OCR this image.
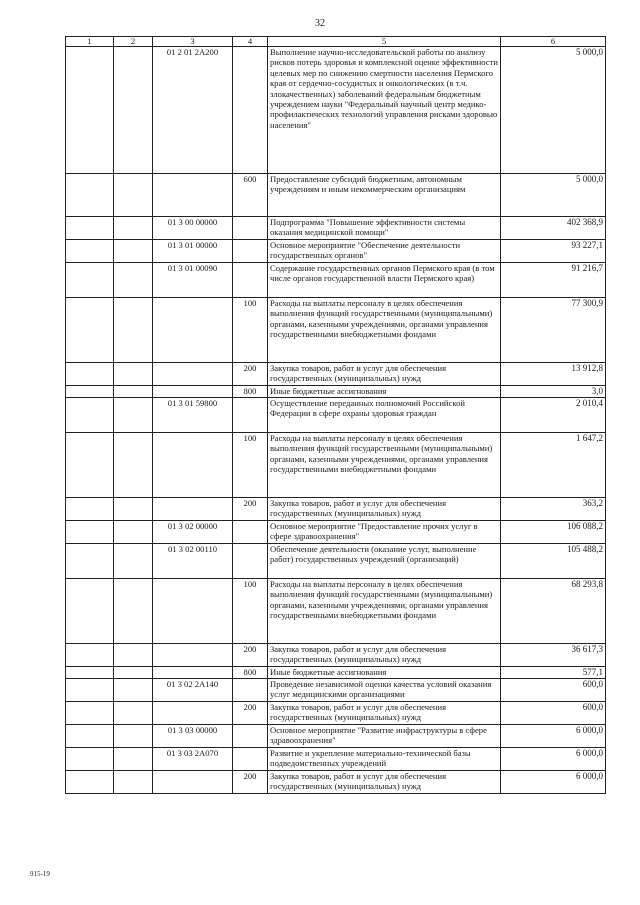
32
1	2	3	4	5	6
		01 2 01 2А200		Выполнение научно-исследовательской работы по анализу рисков потерь здоровья и комплексной оценке эффективности целевых мер по снижению смертности населения Пермского края от сердечно-сосудистых и онкологических (в т.ч. злокачественных) заболеваний федеральным бюджетным учреждением науки "Федеральный научный центр медико-профилактических технологий управления рисками здоровью населения"	5 000,0
			600	Предоставление субсидий бюджетным, автономным учреждениям и иным некоммерческим организациям	5 000,0
		01 3 00 00000		Подпрограмма "Повышение эффективности системы оказания медицинской помощи"	402 368,9
		01 3 01 00000		Основное мероприятие "Обеспечение деятельности государственных органов"	93 227,1
		01 3 01 00090		Содержание государственных органов Пермского края (в том числе органов государственной власти Пермского края)	91 216,7
			100	Расходы на выплаты персоналу в целях обеспечения выполнения функций государственными (муниципальными) органами, казенными учреждениями, органами управления государственными внебюджетными фондами	77 300,9
			200	Закупка товаров, работ и услуг для обеспечения государственных (муниципальных) нужд	13 912,8
			800	Иные бюджетные ассигнования	3,0
		01 3 01 59800		Осуществление переданных полномочий Российской Федерации в сфере охраны здоровья граждан	2 010,4
			100	Расходы на выплаты персоналу в целях обеспечения выполнения функций государственными (муниципальными) органами, казенными учреждениями, органами управления государственными внебюджетными фондами	1 647,2
			200	Закупка товаров, работ и услуг для обеспечения государственных (муниципальных) нужд	363,2
		01 3 02 00000		Основное мероприятие "Предоставление прочих услуг в сфере здравоохранения"	106 088,2
		01 3 02 00110		Обеспечение деятельности (оказание услуг, выполнение работ) государственных учреждений (организаций)	105 488,2
			100	Расходы на выплаты персоналу в целях обеспечения выполнения функций государственными (муниципальными) органами, казенными учреждениями, органами управления государственными внебюджетными фондами	68 293,8
			200	Закупка товаров, работ и услуг для обеспечения государственных (муниципальных) нужд	36 617,3
			800	Иные бюджетные ассигнования	577,1
		01 3 02 2А140		Проведение независимой оценки качества условий оказания услуг медицинскими организациями	600,0
			200	Закупка товаров, работ и услуг для обеспечения государственных (муниципальных) нужд	600,0
		01 3 03 00000		Основное мероприятие "Развитие инфраструктуры в сфере здравоохранения"	6 000,0
		01 3 03 2А070		Развитие и укрепление материально-технической базы подведомственных учреждений	6 000,0
			200	Закупка товаров, работ и услуг для обеспечения государственных (муниципальных) нужд	6 000,0
915-19
